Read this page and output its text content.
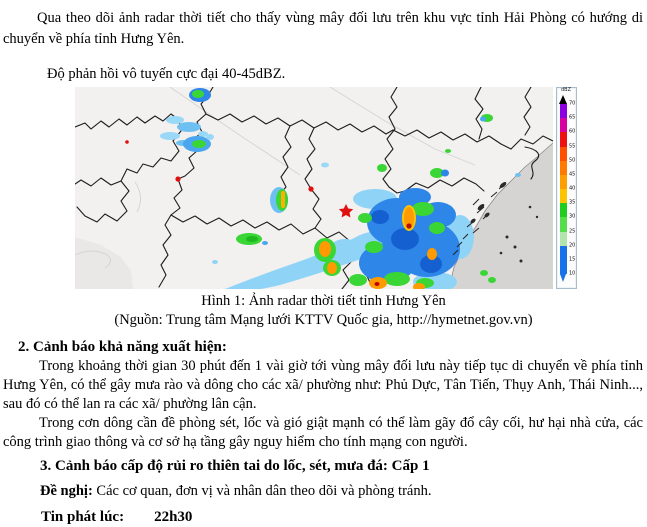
Qua theo dõi ảnh radar thời tiết cho thấy vùng mây đối lưu trên khu vực tỉnh Hải Phòng có hướng di chuyển về phía tỉnh Hưng Yên.

Độ phản hồi vô tuyến cực đại 40-45dBZ.

dBZ
70
65
60
55
50
45
40
35
30
25
20
15
10

Hình 1: Ảnh radar thời tiết tỉnh Hưng Yên

(Nguồn: Trung tâm Mạng lưới KTTV Quốc gia, http://hymetnet.gov.vn)

2. Cảnh báo khả năng xuất hiện:

Trong khoảng thời gian 30 phút đến 1 vài giờ tới vùng mây đối lưu này tiếp tục di chuyển về phía tỉnh Hưng Yên, có thể gây mưa rào và dông cho các xã/ phường như: Phủ Dực, Tân Tiến, Thụy Anh, Thái Ninh..., sau đó có thể lan ra các xã/ phường lân cận.

Trong cơn dông cần đề phòng sét, lốc và gió giật mạnh có thể làm gãy đổ cây cối, hư hại nhà cửa, các công trình giao thông và cơ sở hạ tầng gây nguy hiểm cho tính mạng con người.

3. Cảnh báo cấp độ rủi ro thiên tai do lốc, sét, mưa đá: Cấp 1

Đề nghị: Các cơ quan, đơn vị và nhân dân theo dõi và phòng tránh.

Tin phát lúc: 22h30
